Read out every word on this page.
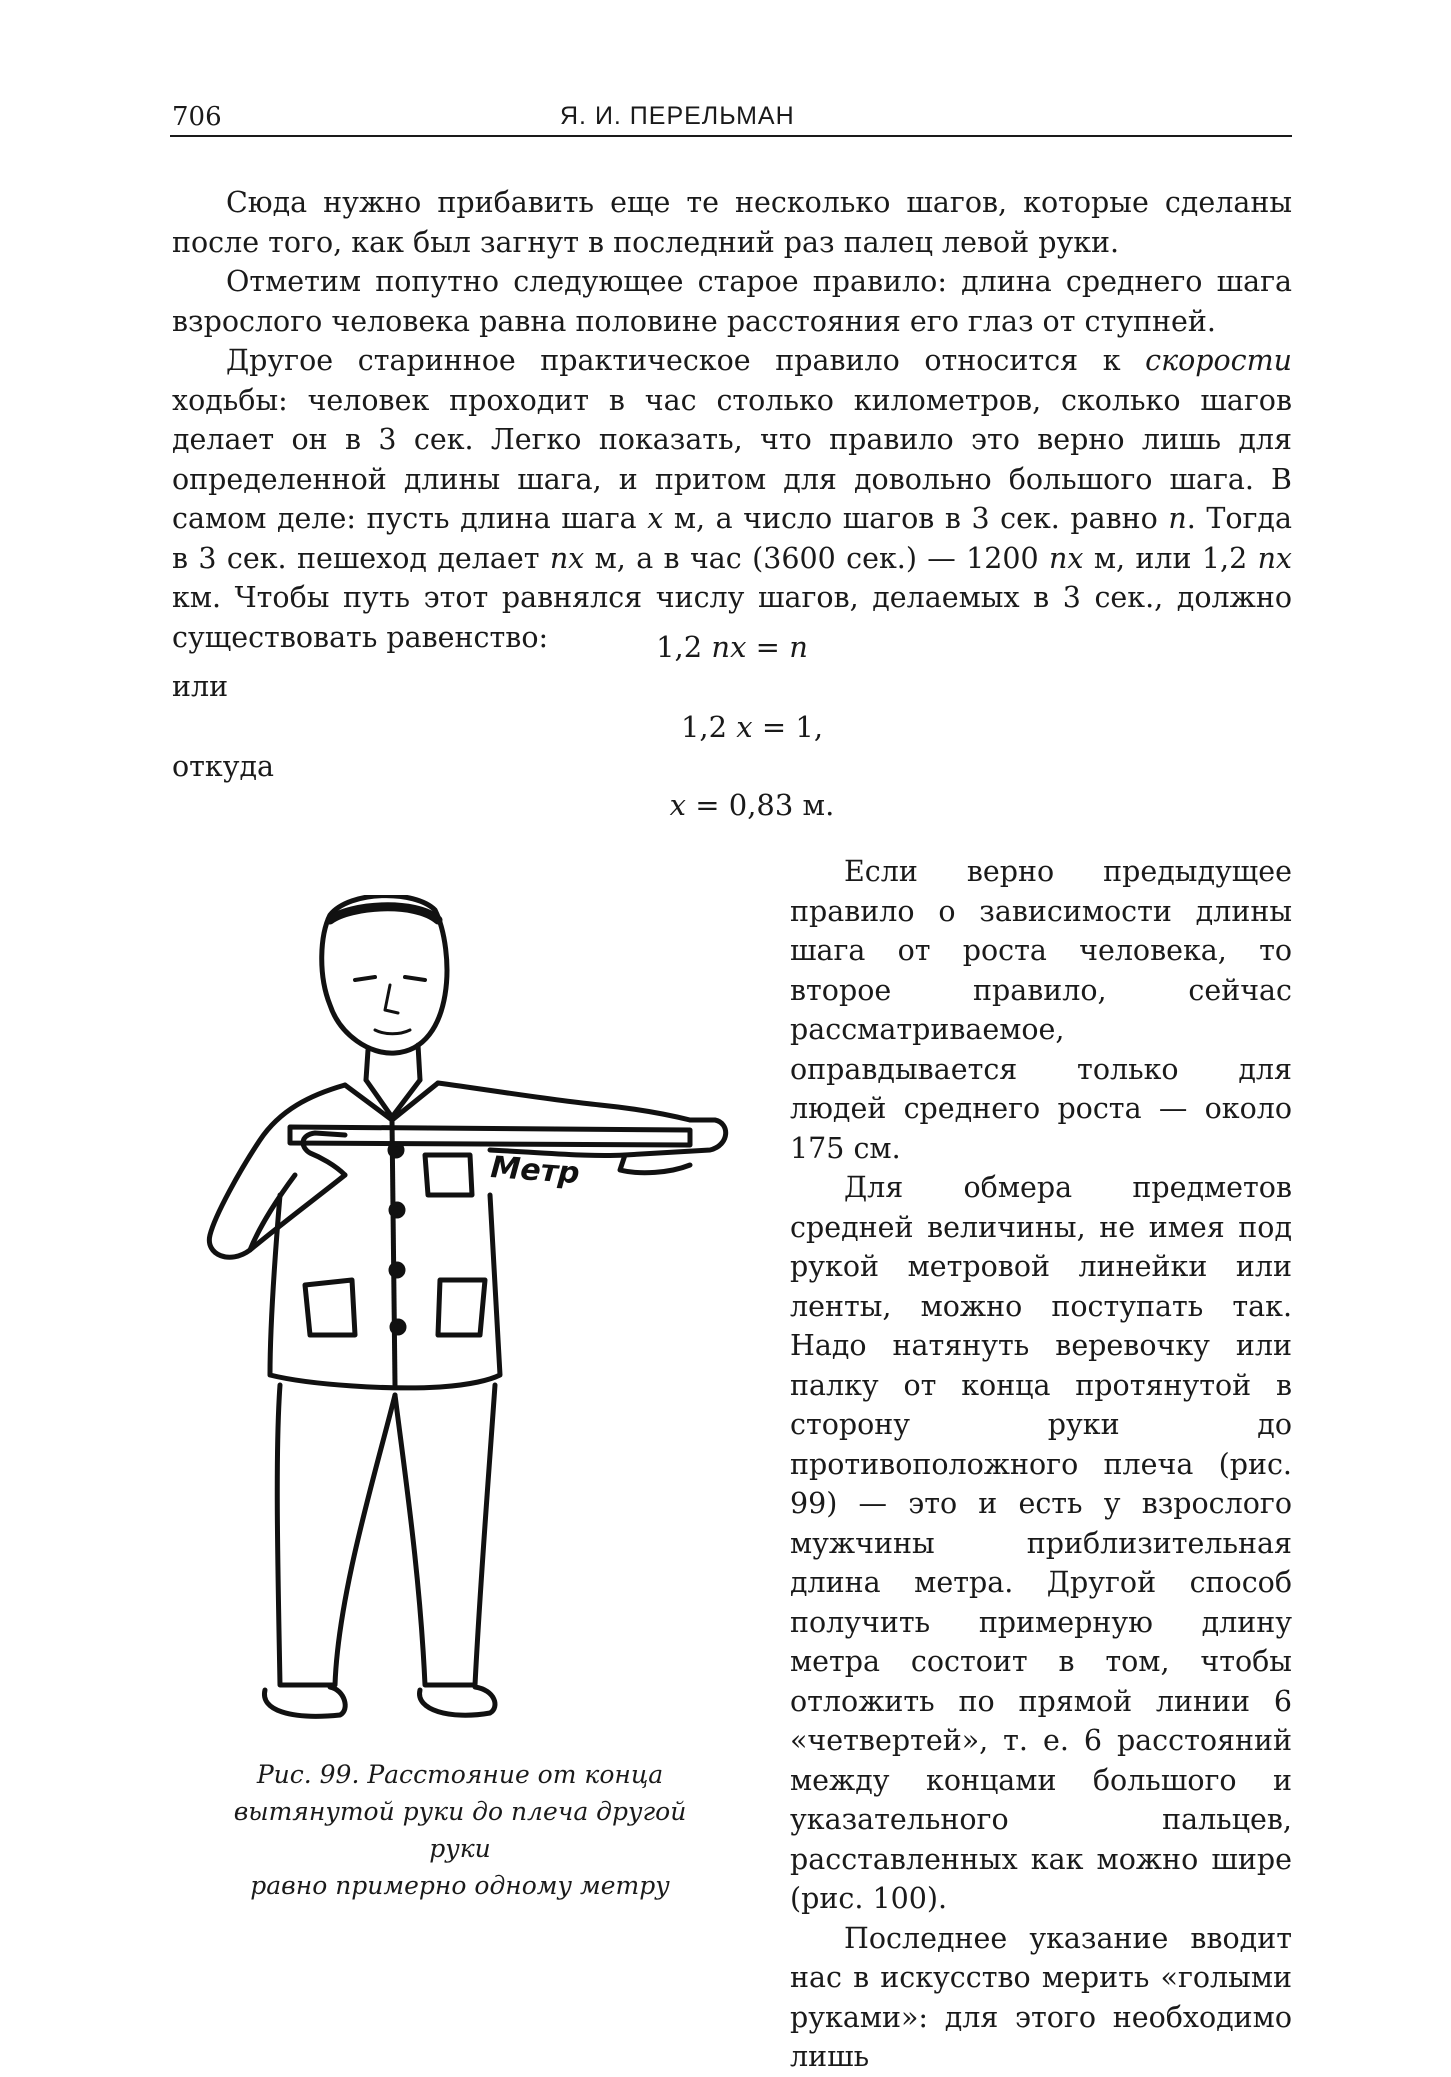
706	Я. И. ПЕРЕЛЬМАН

Сюда нужно прибавить еще те несколько шагов, которые сделаны после того, как был загнут в последний раз палец левой руки.

Отметим попутно следующее старое правило: длина среднего шага взрослого человека равна половине расстояния его глаз от ступней.

Другое старинное практическое правило относится к скорости ходьбы: человек проходит в час столько километров, сколько шагов делает он в 3 сек. Легко показать, что правило это верно лишь для определенной длины шага, и притом для довольно большого шага. В самом деле: пусть длина шага x м, а число шагов в 3 сек. равно n. Тогда в 3 сек. пешеход делает nx м, а в час (3600 сек.) — 1200 nx м, или 1,2 nx км. Чтобы путь этот равнялся числу шагов, делаемых в 3 сек., должно существовать равенство:	1,2 nx = n
или
1,2 x = 1,
откуда
x = 0,83 м.

Если верно предыдущее правило о зависимости длины шага от роста человека, то второе правило, сейчас рассматриваемое, оправдывается только для людей среднего роста — около 175 см.

Для обмера предметов средней величины, не имея под рукой метровой линейки или ленты, можно поступать так. Надо натянуть веревочку или палку от конца протянутой в сторону руки до противоположного плеча (рис. 99) — это и есть у взрослого мужчины приблизительная длина метра. Другой способ получить примерную длину метра состоит в том, чтобы отложить по прямой линии 6 «четвертей», т. е. 6 расстояний между концами большого и указательного пальцев, расставленных как можно шире (рис. 100).

Последнее указание вводит нас в искусство мерить «голыми руками»: для этого необходимо лишь

Метр
Рис. 99. Расстояние от конца
вытянутой руки до плеча другой руки
равно примерно одному метру
